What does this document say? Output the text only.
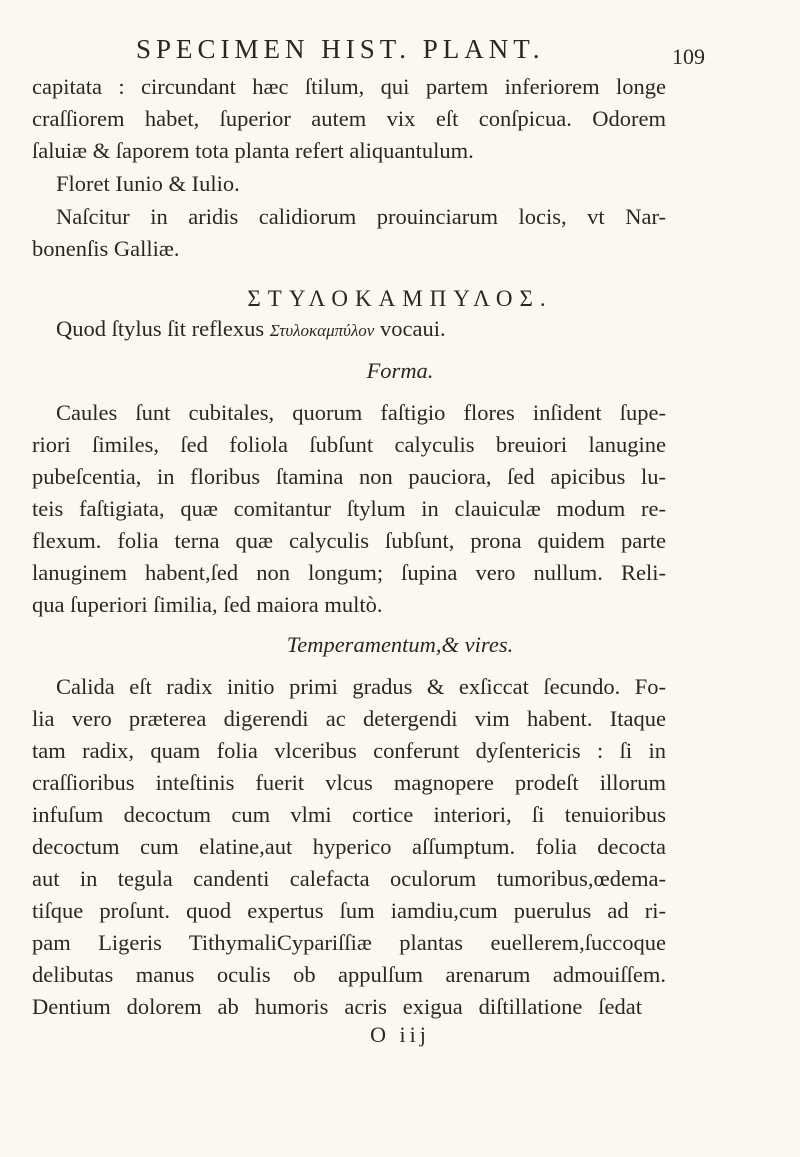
SPECIMEN HIST. PLANT.	109
capitata : circundant hæc ſtilum, qui partem inferiorem longe
craſſiorem habet, ſuperior autem vix eſt conſpicua. Odorem
ſaluiæ & ſaporem tota planta refert aliquantulum.
Floret Iunio & Iulio.
Naſcitur in aridis calidiorum prouinciarum locis, vt Nar-
bonenſis Galliæ.
ΣΤΥΛΟΚΑΜΠΥΛΟΣ.
Quod ſtylus ſit reflexus Στυλοκαμπύλον vocaui.
Forma.
Caules ſunt cubitales, quorum faſtigio flores inſident ſupe-
riori ſimiles, ſed foliola ſubſunt calyculis breuiori lanugine
pubeſcentia, in floribus ſtamina non pauciora, ſed apicibus lu-
teis faſtigiata, quæ comitantur ſtylum in clauiculæ modum re-
flexum. folia terna quæ calyculis ſubſunt, prona quidem parte
lanuginem habent,ſed non longum; ſupina vero nullum. Reli-
qua ſuperiori ſimilia, ſed maiora multò.
Temperamentum,& vires.
Calida eſt radix initio primi gradus & exſiccat ſecundo. Fo-
lia vero præterea digerendi ac detergendi vim habent. Itaque
tam radix, quam folia vlceribus conferunt dyſentericis : ſi in
craſſioribus inteſtinis fuerit vlcus magnopere prodeſt illorum
infuſum decoctum cum vlmi cortice interiori, ſi tenuioribus
decoctum cum elatine,aut hyperico aſſumptum. folia decocta
aut in tegula candenti calefacta oculorum tumoribus,œdema-
tiſque proſunt. quod expertus ſum iamdiu,cum puerulus ad ri-
pam Ligeris TithymaliCypariſſiæ plantas euellerem,ſuccoque
delibutas manus oculis ob appulſum arenarum admouiſſem.
Dentium dolorem ab humoris acris exigua diſtillatione ſedat
O iij
